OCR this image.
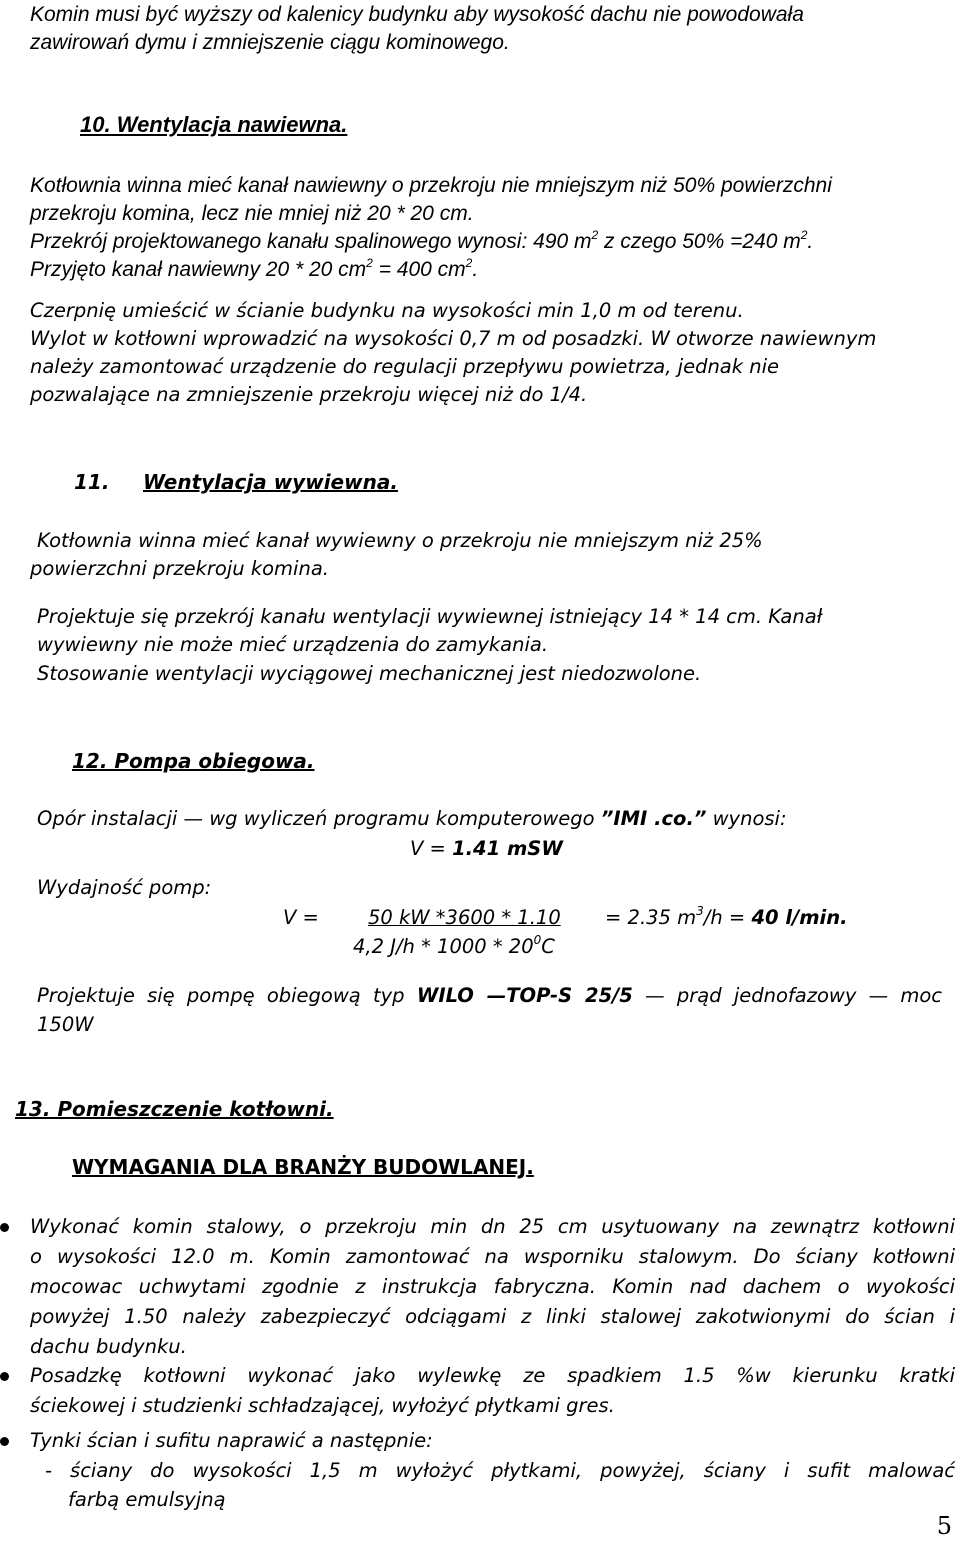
Komin musi być wyższy od kalenicy budynku aby wysokość dachu nie powodowała
zawirowań dymu i zmniejszenie ciągu kominowego.
10. Wentylacja nawiewna.
Kotłownia winna mieć kanał nawiewny o przekroju nie mniejszym niż 50% powierzchni
przekroju komina, lecz nie mniej niż 20 * 20 cm.
Przekrój projektowanego kanału spalinowego wynosi: 490 $m^2$ z czego 50% =240 $m^2$.
Przyjęto kanał nawiewny 20 * 20 $cm^2 = 400$ $cm^2$.
Czerpnię umieścić w ścianie budynku na wysokości min 1,0 m od terenu.
Wylot w kotłowni wprowadzić na wysokości 0,7 m od posadzki. W otworze nawiewnym
należy zamontować urządzenie do regulacji przepływu powietrza, jednak nie
pozwalające na zmniejszenie przekroju więcej niż do 1/4.
11. Wentylacja wywiewna.
Kotłownia winna mieć kanał wywiewny o przekroju nie mniejszym niż 25%
powierzchni przekroju komina.
Projektuje się przekrój kanału wentylacji wywiewnej istniejący 14 * 14 cm. Kanał
wywiewny nie może mieć urządzenia do zamykania.
Stosowanie wentylacji wyciągowej mechanicznej jest niedozwolone.
12. Pompa obiegowa.
Opór instalacji — wg wyliczeń programu komputerowego ”IMI .co.” wynosi:
V = 1.41 mSW
Wydajność pomp:
V =	50 kW *3600 * 1.10 = 2.35 $m^3/h = 40$ l/min.
4,2 $J/h * 1000 * 20^0C$
Projektuje się pompę obiegową typ WILO —TOP-S 25/5 — prąd jednofazowy — moc
150W
13. Pomieszczenie kotłowni.
WYMAGANIA DLA BRANŻY BUDOWLANEJ.
Wykonać komin stalowy, o przekroju min dn 25 cm usytuowany na zewnątrz kotłowni
o wysokości 12.0 m. Komin zamontować na wsporniku stalowym. Do ściany kotłowni
mocowac uchwytami zgodnie z instrukcja fabryczna. Komin nad dachem o wyokości
powyżej 1.50 należy zabezpieczyć odciągami z linki stalowej zakotwionymi do ścian i
dachu budynku.
Posadzkę kotłowni wykonać jako wylewkę ze spadkiem 1.5 %w kierunku kratki
ściekowej i studzienki schładzającej, wyłożyć płytkami gres.
Tynki ścian i sufitu naprawić a następnie:
- ściany do wysokości 1,5 m wyłożyć płytkami, powyżej, ściany i sufit malować
farbą emulsyjną
5
